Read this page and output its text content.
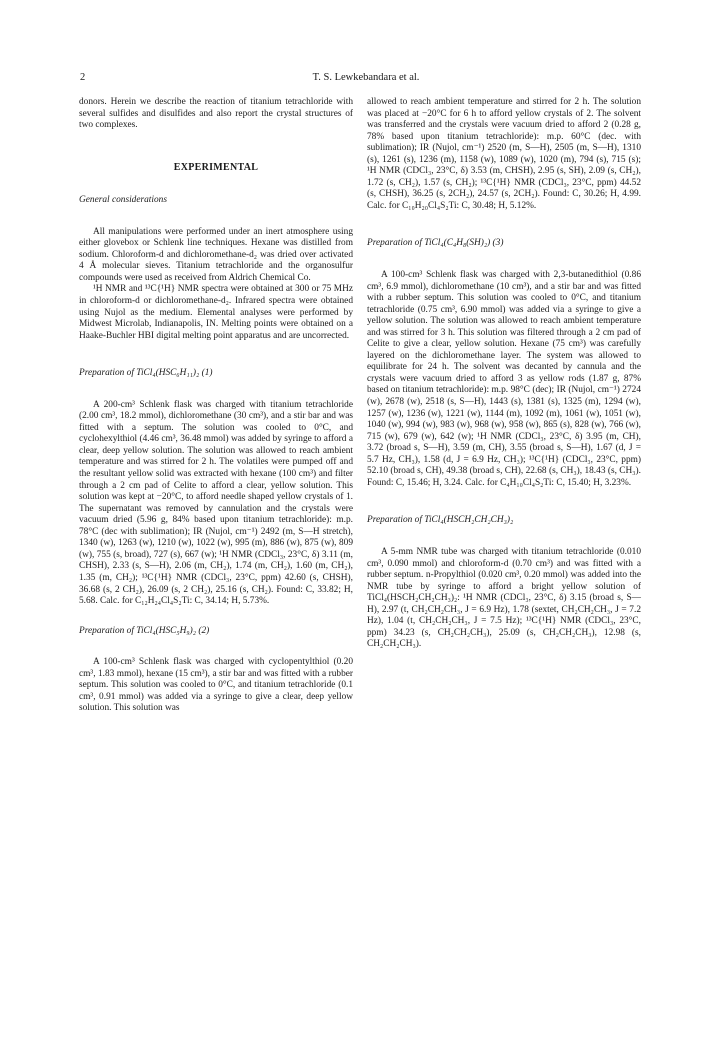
2	T. S. Lewkebandara et al.

donors. Herein we describe the reaction of titanium tetrachloride with several sulfides and disulfides and also report the crystal structures of two complexes.

EXPERIMENTAL

General considerations

All manipulations were performed under an inert atmosphere using either glovebox or Schlenk line techniques. Hexane was distilled from sodium. Chloroform-d and dichloromethane-d₂ was dried over activated 4 Å molecular sieves. Titanium tetrachloride and the organosulfur compounds were used as received from Aldrich Chemical Co.

¹H NMR and ¹³C{¹H} NMR spectra were obtained at 300 or 75 MHz in chloroform-d or dichloromethane-d₂. Infrared spectra were obtained using Nujol as the medium. Elemental analyses were performed by Midwest Microlab, Indianapolis, IN. Melting points were obtained on a Haake-Buchler HBI digital melting point apparatus and are uncorrected.

Preparation of TiCl₄(HSC₆H₁₁)₂ (1)

A 200-cm³ Schlenk flask was charged with titanium tetrachloride (2.00 cm³, 18.2 mmol), dichloromethane (30 cm³), and a stir bar and was fitted with a septum. The solution was cooled to 0°C, and cyclohexylthiol (4.46 cm³, 36.48 mmol) was added by syringe to afford a clear, deep yellow solution. The solution was allowed to reach ambient temperature and was stirred for 2 h. The volatiles were pumped off and the resultant yellow solid was extracted with hexane (100 cm³) and filter through a 2 cm pad of Celite to afford a clear, yellow solution. This solution was kept at −20°C, to afford needle shaped yellow crystals of 1. The supernatant was removed by cannulation and the crystals were vacuum dried (5.96 g, 84% based upon titanium tetrachloride): m.p. 78°C (dec with sublimation); IR (Nujol, cm⁻¹) 2492 (m, S—H stretch), 1340 (w), 1263 (w), 1210 (w), 1022 (w), 995 (m), 886 (w), 875 (w), 809 (w), 755 (s, broad), 727 (s), 667 (w); ¹H NMR (CDCl₃, 23°C, δ) 3.11 (m, CHSH), 2.33 (s, S—H), 2.06 (m, CH₂), 1.74 (m, CH₂), 1.60 (m, CH₂), 1.35 (m, CH₂); ¹³C{¹H} NMR (CDCl₃, 23°C, ppm) 42.60 (s, CHSH), 36.68 (s, 2 CH₂), 26.09 (s, 2 CH₂), 25.16 (s, CH₂). Found: C, 33.82; H, 5.68. Calc. for C₁₂H₂₄Cl₄S₂Ti: C, 34.14; H, 5.73%.

Preparation of TiCl₄(HSC₅H₉)₂ (2)

A 100-cm³ Schlenk flask was charged with cyclopentylthiol (0.20 cm³, 1.83 mmol), hexane (15 cm³), a stir bar and was fitted with a rubber septum. This solution was cooled to 0°C, and titanium tetrachloride (0.1 cm³, 0.91 mmol) was added via a syringe to give a clear, deep yellow solution. This solution was

allowed to reach ambient temperature and stirred for 2 h. The solution was placed at −20°C for 6 h to afford yellow crystals of 2. The solvent was transferred and the crystals were vacuum dried to afford 2 (0.28 g, 78% based upon titanium tetrachloride): m.p. 60°C (dec. with sublimation); IR (Nujol, cm⁻¹) 2520 (m, S—H), 2505 (m, S—H), 1310 (s), 1261 (s), 1236 (m), 1158 (w), 1089 (w), 1020 (m), 794 (s), 715 (s); ¹H NMR (CDCl₃, 23°C, δ) 3.53 (m, CHSH), 2.95 (s, SH), 2.09 (s, CH₂), 1.72 (s, CH₂), 1.57 (s, CH₂); ¹³C{¹H} NMR (CDCl₃, 23°C, ppm) 44.52 (s, CHSH), 36.25 (s, 2CH₂), 24.57 (s, 2CH₂). Found: C, 30.26; H, 4.99. Calc. for C₁₀H₂₀Cl₄S₂Ti: C, 30.48; H, 5.12%.

Preparation of TiCl₄(C₄H₈(SH)₂) (3)

A 100-cm³ Schlenk flask was charged with 2,3-butanedithiol (0.86 cm³, 6.9 mmol), dichloromethane (10 cm³), and a stir bar and was fitted with a rubber septum. This solution was cooled to 0°C, and titanium tetrachloride (0.75 cm³, 6.90 mmol) was added via a syringe to give a yellow solution. The solution was allowed to reach ambient temperature and was stirred for 3 h. This solution was filtered through a 2 cm pad of Celite to give a clear, yellow solution. Hexane (75 cm³) was carefully layered on the dichloromethane layer. The system was allowed to equilibrate for 24 h. The solvent was decanted by cannula and the crystals were vacuum dried to afford 3 as yellow rods (1.87 g, 87% based on titanium tetrachloride): m.p. 98°C (dec); IR (Nujol, cm⁻¹) 2724 (w), 2678 (w), 2518 (s, S—H), 1443 (s), 1381 (s), 1325 (m), 1294 (w), 1257 (w), 1236 (w), 1221 (w), 1144 (m), 1092 (m), 1061 (w), 1051 (w), 1040 (w), 994 (w), 983 (w), 968 (w), 958 (w), 865 (s), 828 (w), 766 (w), 715 (w), 679 (w), 642 (w); ¹H NMR (CDCl₃, 23°C, δ) 3.95 (m, CH), 3.72 (broad s, S—H), 3.59 (m, CH), 3.55 (broad s, S—H), 1.67 (d, J = 5.7 Hz, CH₃), 1.58 (d, J = 6.9 Hz, CH₃); ¹³C{¹H} (CDCl₃, 23°C, ppm) 52.10 (broad s, CH), 49.38 (broad s, CH), 22.68 (s, CH₃), 18.43 (s, CH₃). Found: C, 15.46; H, 3.24. Calc. for C₄H₁₀Cl₄S₂Ti: C, 15.40; H, 3.23%.

Preparation of TiCl₄(HSCH₂CH₂CH₃)₂

A 5-mm NMR tube was charged with titanium tetrachloride (0.010 cm³, 0.090 mmol) and chloroform-d (0.70 cm³) and was fitted with a rubber septum. n-Propylthiol (0.020 cm³, 0.20 mmol) was added into the NMR tube by syringe to afford a bright yellow solution of TiCl₄(HSCH₂CH₂CH₃)₂: ¹H NMR (CDCl₃, 23°C, δ) 3.15 (broad s, S—H), 2.97 (t, CH₂CH₂CH₃, J = 6.9 Hz), 1.78 (sextet, CH₂CH₂CH₃, J = 7.2 Hz), 1.04 (t, CH₂CH₂CH₃, J = 7.5 Hz); ¹³C{¹H} NMR (CDCl₃, 23°C, ppm) 34.23 (s, CH₂CH₂CH₃), 25.09 (s, CH₂CH₂CH₃), 12.98 (s, CH₂CH₂CH₃).
